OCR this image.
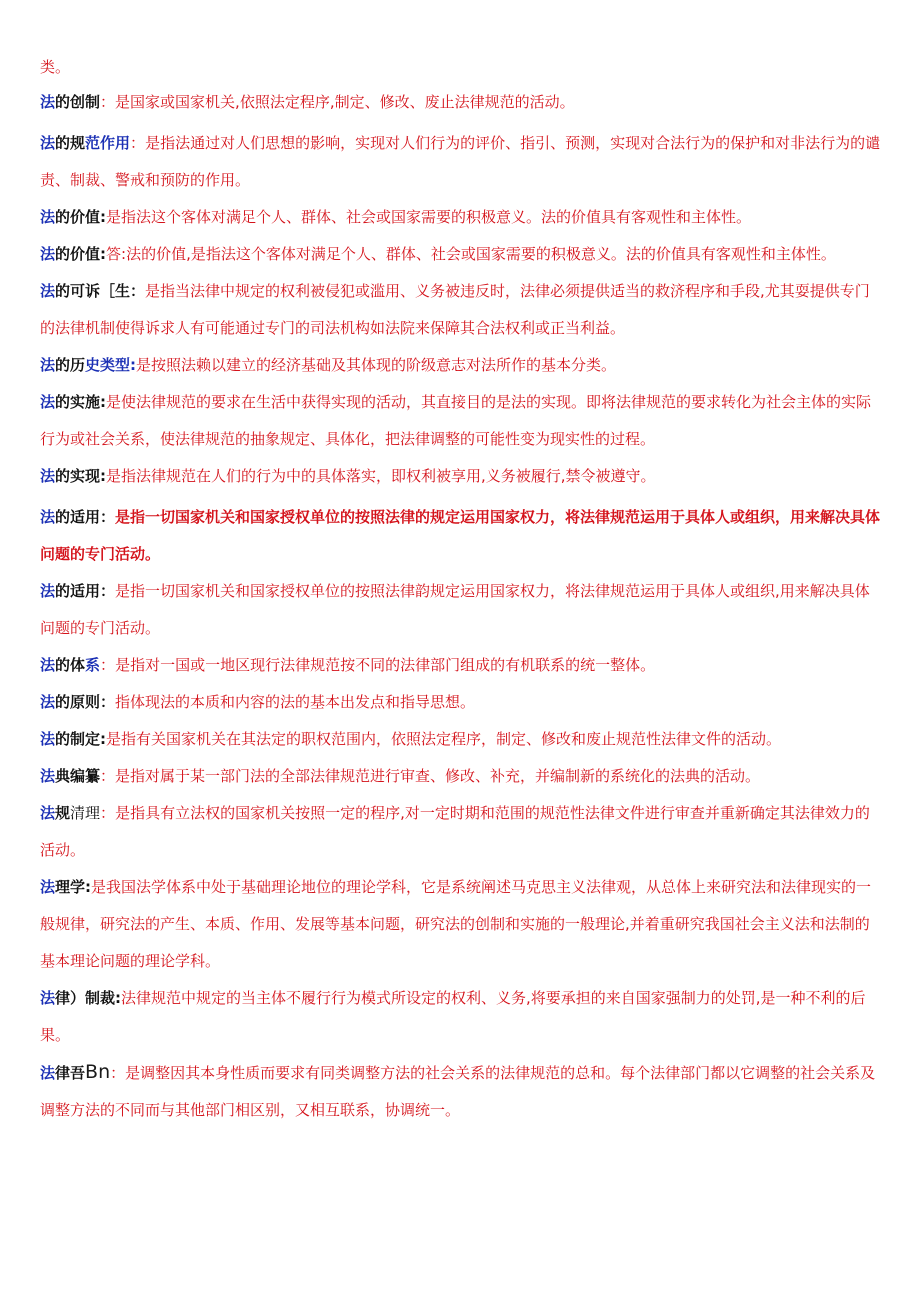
类。

法的创制：是国家或国家机关,依照法定程序,制定、修改、废止法律规范的活动。

法的规范作用：是指法通过对人们思想的影响，实现对人们行为的评价、指引、预测，实现对合法行为的保护和对非法行为的谴责、制裁、警戒和预防的作用。

法的价值:是指法这个客体对满足个人、群体、社会或国家需要的积极意义。法的价值具有客观性和主体性。

法的价值:答:法的价值,是指法这个客体对满足个人、群体、社会或国家需要的积极意义。法的价值具有客观性和主体性。

法的可诉［生：是指当法律中规定的权利被侵犯或滥用、义务被违反时，法律必须提供适当的救济程序和手段,尤其耍提供专门的法律机制使得诉求人有可能通过专门的司法机构如法院来保障其合法权利或正当利益。

法的历史类型:是按照法赖以建立的经济基础及其体现的阶级意志对法所作的基本分类。

法的实施:是使法律规范的要求在生活中获得实现的活动，其直接目的是法的实现。即将法律规范的要求转化为社会主体的实际行为或社会关系，使法律规范的抽象规定、具体化，把法律调整的可能性变为现实性的过程。

法的实现:是指法律规范在人们的行为中的具体落实，即权利被享用,义务被履行,禁令被遵守。

法的适用：是指一切国家机关和国家授权单位的按照法律的规定运用国家权力，将法律规范运用于具体人或组织，用来解决具体问题的专门活动。

法的适用：是指一切国家机关和国家授权单位的按照法律韵规定运用国家权力，将法律规范运用于具体人或组织,用来解决具体问题的专门活动。

法的体系：是指对一国或一地区现行法律规范按不同的法律部门组成的有机联系的统一整体。

法的原则：指体现法的本质和内容的法的基本出发点和指导思想。

法的制定:是指有关国家机关在其法定的职权范围内，依照法定程序，制定、修改和废止规范性法律文件的活动。

法典编纂：是指对属于某一部门法的全部法律规范进行审查、修改、补充，并编制新的系统化的法典的活动。

法规清理：是指具有立法权的国家机关按照一定的程序,对一定时期和范围的规范性法律文件进行审查并重新确定其法律效力的活动。

法理学:是我国法学体系中处于基础理论地位的理论学科，它是系统阐述马克思主义法律观，从总体上来研究法和法律现实的一般规律，研究法的产生、本质、作用、发展等基本问题，研究法的创制和实施的一般理论,并着重研究我国社会主义法和法制的基本理论问题的理论学科。

法律）制裁:法律规范中规定的当主体不履行行为模式所设定的权利、义务,将要承担的来自国家强制力的处罚,是一种不利的后果。

法律吾Bn：是调整因其本身性质而要求有同类调整方法的社会关系的法律规范的总和。每个法律部门都以它调整的社会关系及调整方法的不同而与其他部门相区别，又相互联系，协调统一。
